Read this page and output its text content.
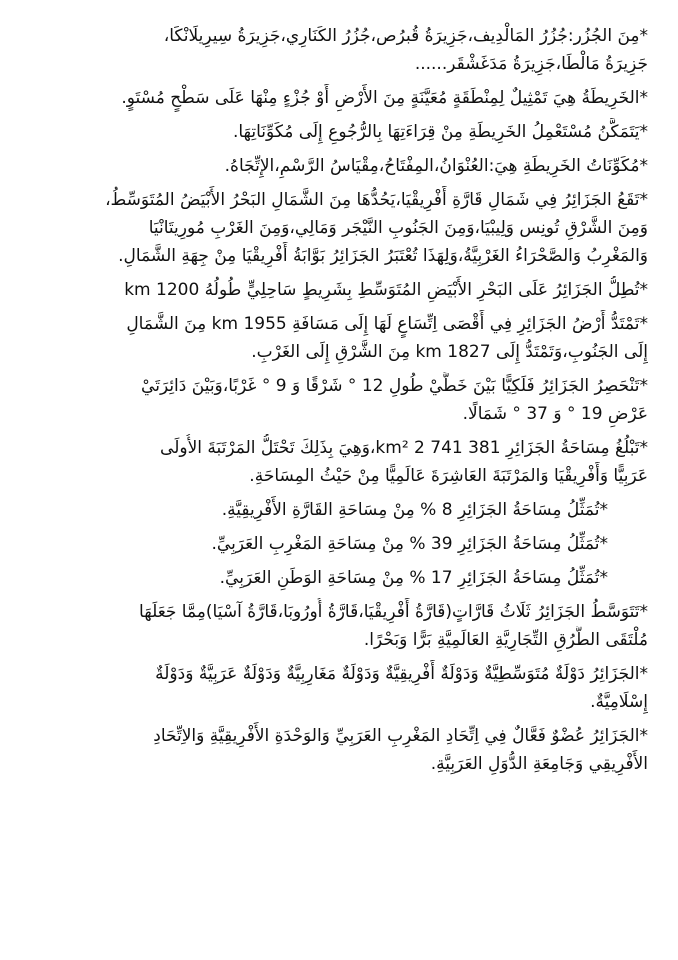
*مِنَ الجُزُر:جُزُرُ المَالْدِيف،جَزِيرَةُ قُبرُص،جُزُرُ الكَنَارِي،جَزِيرَةُ سِيرِيلَانْكَا،

جَزِيرَةُ مَالْطَا،جَزِيرَةُ مَدَغَشْقَر......

*الخَرِيطَةُ هِيَ تَمْثِيلٌ لِمِنْطَقَةٍ مُعَيَّنَةٍ مِنَ الأَرْضِ أَوْ جُزْءٍ مِنْهَا عَلَى سَطْحٍ مُسْتَوٍ.

*يَتَمَكَّنُ مُسْتَعْمِلُ الخَرِيطَةِ مِنْ قِرَاءَتِهَا بِالرُّجُوعِ إِلَى مُكَوِّنَاتِهَا.

*مُكَوِّنَاتُ الخَرِيطَةِ هِيَ:العُنْوَانُ،المِفْتَاحُ،مِقْيَاسُ الرَّسْمِ،الإِتِّجَاهُ.

*تَقَعُ الجَزَائِرُ فِي شَمَالِ قَارَّةِ أَفْرِيقْيَا،يَحُدُّهَا مِنَ الشَّمَالِ البَحْرُ الأَبْيَضُ المُتَوَسِّطُ،

وَمِنَ الشَّرْقِ تُونِس وَلِيبْيَا،وَمِنَ الجَنُوبِ النَّيْجَر وَمَالِي،وَمِنَ الغَرْبِ مُورِيتَانْيَا

وَالمَغْرِبُ وَالصَّحْرَاءُ الغَرْبِيَّةُ،وَلِهَذَا تُعْتَبَرُ الجَزَائِرُ بَوَّابَةُ أَفْرِيقْيَا مِنْ جِهَةِ الشَّمَالِ.

*تُطِلُّ الجَزَائِرُ عَلَى البَحْرِ الأَبْيَضِ المُتَوَسِّطِ بِشَرِيطٍ سَاحِلِيٍّ طُولُهُ 1200 km

*تَمْتَدُّ أَرْضُ الجَزَائِرِ فِي أَقْصَى اِتِّسَاعٍ لَهَا إِلَى مَسَافَةِ 1955 km مِنَ الشَّمَالِ

إِلَى الجَنُوبِ،وَتَمْتَدُّ إِلَى 1827 km مِنَ الشَّرْقِ إِلَى الغَرْبِ.

*تَنْحَصِرُ الجَزَائِرُ فَلَكِيًّا بَيْنَ خَطَّيْ طُولِ 12 ° شَرْقًا وَ 9 ° غَرْبًا،وَبَيْنَ دَائِرَتَيْ

عَرْضِ 19 ° وَ 37 ° شَمَالًا.

*تَبْلُغُ مِسَاحَةُ الجَزَائِرِ km² 2 741 381،وَهِيَ بِذَلِكَ تَحْتَلُّ المَرْتَبَةَ الأُولَى

عَرَبِيًّا وَأَفْرِيقْيَا وَالمَرْتَبَةَ العَاشِرَةَ عَالَمِيًّا مِنْ حَيْثُ المِسَاحَةِ.

*تُمَثِّلُ مِسَاحَةُ الجَزَائِرِ 8 % مِنْ مِسَاحَةِ القَارَّةِ الأَفْرِيقِيَّةِ.

*تُمَثِّلُ مِسَاحَةُ الجَزَائِرِ 39 % مِنْ مِسَاحَةِ المَغْرِبِ العَرَبِيِّ.

*تُمَثِّلُ مِسَاحَةُ الجَزَائِرِ 17 % مِنْ مِسَاحَةِ الوَطَنِ العَرَبِيِّ.

*تَتَوَسَّطُ الجَزَائِرُ ثَلَاثُ قَارَّاتٍ(قَارَّةُ أَفْرِيقْيَا،قَارَّةُ أُورُوبَا،قَارَّةُ آسْيَا)مِمَّا جَعَلَهَا

مُلْتَقَى الطُّرُقِ التِّجَارِيَّةِ العَالَمِيَّةِ بَرًّا وَبَحْرًا.

*الجَزَائِرُ دَوْلَةٌ مُتَوَسِّطِيَّةٌ وَدَوْلَةٌ أَفْرِيقِيَّةٌ وَدَوْلَةٌ مَغَارِبِيَّةٌ وَدَوْلَةٌ عَرَبِيَّةٌ وَدَوْلَةٌ

إِسْلَامِيَّةٌ.

*الجَزَائِرُ عُضْوٌ فَعَّالٌ فِي اِتِّحَادِ المَغْرِبِ العَرَبِيِّ وَالوَحْدَةِ الأَفْرِيقِيَّةِ وَالاِتِّحَادِ

الأَفْرِيقِي وَجَامِعَةِ الدُّوَلِ العَرَبِيَّةِ.
